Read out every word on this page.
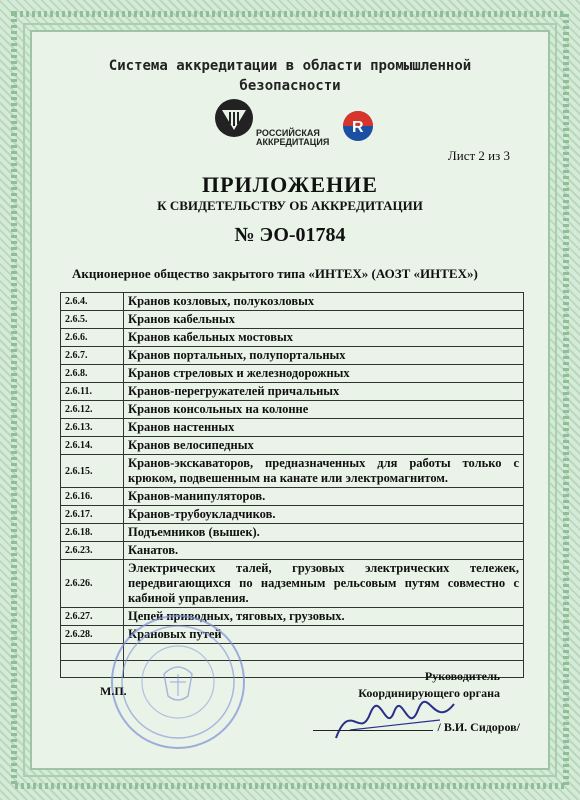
Система аккредитации в области промышленной
безопасности
РОССИЙСКАЯ
АККРЕДИТАЦИЯ
R
Лист 2 из 3
ПРИЛОЖЕНИЕ
К СВИДЕТЕЛЬСТВУ ОБ АККРЕДИТАЦИИ
№ ЭО-01784
Акционерное общество закрытого типа «ИНТЕХ» (АОЗТ «ИНТЕХ»)
2.6.4.	Кранов козловых, полукозловых
2.6.5.	Кранов кабельных
2.6.6.	Кранов кабельных мостовых
2.6.7.	Кранов портальных, полупортальных
2.6.8.	Кранов стреловых и железнодорожных
2.6.11.	Кранов-перегружателей причальных
2.6.12.	Кранов консольных на колонне
2.6.13.	Кранов настенных
2.6.14.	Кранов велосипедных
2.6.15.	Кранов-экскаваторов, предназначенных для работы только с крюком, подвешенным на канате или электромагнитом.
2.6.16.	Кранов-манипуляторов.
2.6.17.	Кранов-трубоукладчиков.
2.6.18.	Подъемников (вышек).
2.6.23.	Канатов.
2.6.26.	Электрических талей, грузовых электрических тележек, передвигающихся по надземным рельсовым путям совместно с кабиной управления.
2.6.27.	Цепей приводных, тяговых, грузовых.
2.6.28.	Крановых путей

М.П.
Руководитель
Координирующего органа
/ В.И. Сидоров/
